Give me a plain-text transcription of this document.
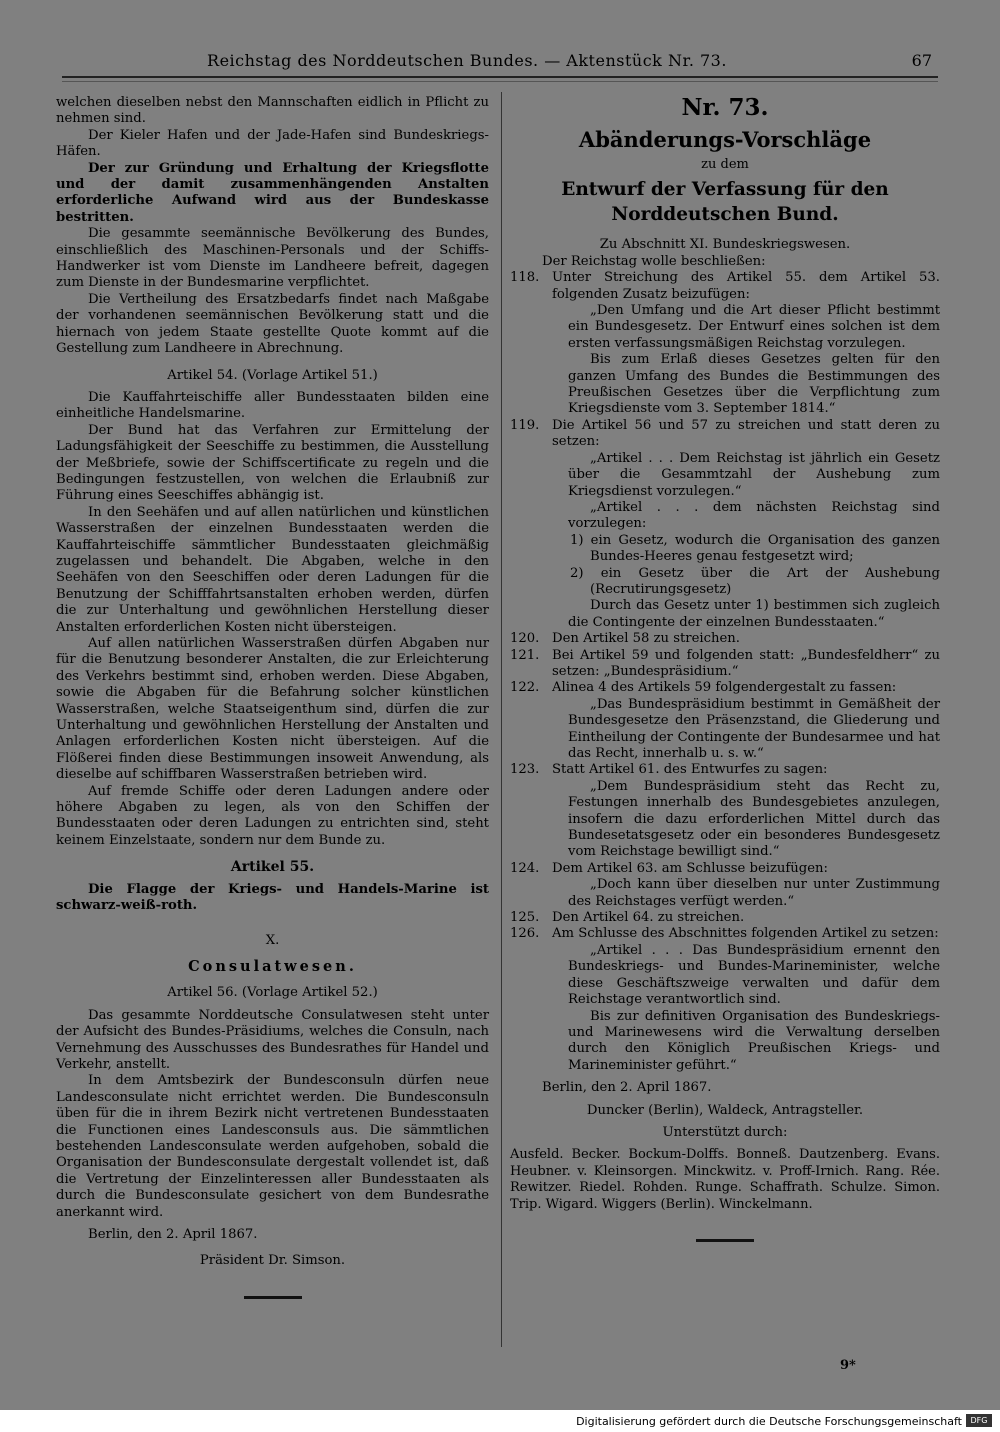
Reichstag des Norddeutschen Bundes. — Aktenstück Nr. 73.	67

welchen dieselben nebst den Mannschaften eidlich in Pflicht zu nehmen sind.

Der Kieler Hafen und der Jade-Hafen sind Bundeskriegs-Häfen.

Der zur Gründung und Erhaltung der Kriegsflotte und der damit zusammenhängenden Anstalten erforderliche Aufwand wird aus der Bundeskasse bestritten.

Die gesammte seemännische Bevölkerung des Bundes, einschließlich des Maschinen-Personals und der Schiffs-Handwerker ist vom Dienste im Landheere befreit, dagegen zum Dienste in der Bundesmarine verpflichtet.

Die Vertheilung des Ersatzbedarfs findet nach Maßgabe der vorhandenen seemännischen Bevölkerung statt und die hiernach von jedem Staate gestellte Quote kommt auf die Gestellung zum Landheere in Abrechnung.

Artikel 54. (Vorlage Artikel 51.)

Die Kauffahrteischiffe aller Bundesstaaten bilden eine einheitliche Handelsmarine.

Der Bund hat das Verfahren zur Ermittelung der Ladungsfähigkeit der Seeschiffe zu bestimmen, die Ausstellung der Meßbriefe, sowie der Schiffscertificate zu regeln und die Bedingungen festzustellen, von welchen die Erlaubniß zur Führung eines Seeschiffes abhängig ist.

In den Seehäfen und auf allen natürlichen und künstlichen Wasserstraßen der einzelnen Bundesstaaten werden die Kauffahrteischiffe sämmtlicher Bundesstaaten gleichmäßig zugelassen und behandelt. Die Abgaben, welche in den Seehäfen von den Seeschiffen oder deren Ladungen für die Benutzung der Schifffahrtsanstalten erhoben werden, dürfen die zur Unterhaltung und gewöhnlichen Herstellung dieser Anstalten erforderlichen Kosten nicht übersteigen.

Auf allen natürlichen Wasserstraßen dürfen Abgaben nur für die Benutzung besonderer Anstalten, die zur Erleichterung des Verkehrs bestimmt sind, erhoben werden. Diese Abgaben, sowie die Abgaben für die Befahrung solcher künstlichen Wasserstraßen, welche Staatseigenthum sind, dürfen die zur Unterhaltung und gewöhnlichen Herstellung der Anstalten und Anlagen erforderlichen Kosten nicht übersteigen. Auf die Flößerei finden diese Bestimmungen insoweit Anwendung, als dieselbe auf schiffbaren Wasserstraßen betrieben wird.

Auf fremde Schiffe oder deren Ladungen andere oder höhere Abgaben zu legen, als von den Schiffen der Bundesstaaten oder deren Ladungen zu entrichten sind, steht keinem Einzelstaate, sondern nur dem Bunde zu.

Artikel 55.

Die Flagge der Kriegs- und Handels-Marine ist schwarz-weiß-roth.

X.
Consulatwesen.
Artikel 56. (Vorlage Artikel 52.)

Das gesammte Norddeutsche Consulatwesen steht unter der Aufsicht des Bundes-Präsidiums, welches die Consuln, nach Vernehmung des Ausschusses des Bundesrathes für Handel und Verkehr, anstellt.

In dem Amtsbezirk der Bundesconsuln dürfen neue Landesconsulate nicht errichtet werden. Die Bundesconsuln üben für die in ihrem Bezirk nicht vertretenen Bundesstaaten die Functionen eines Landesconsuls aus. Die sämmtlichen bestehenden Landesconsulate werden aufgehoben, sobald die Organisation der Bundesconsulate dergestalt vollendet ist, daß die Vertretung der Einzelinteressen aller Bundesstaaten als durch die Bundesconsulate gesichert von dem Bundesrathe anerkannt wird.

Berlin, den 2. April 1867.

Präsident Dr. Simson.
Nr. 73.
Abänderungs-Vorschläge
zu dem
Entwurf der Verfassung für den Norddeutschen Bund.
Zu Abschnitt XI. Bundeskriegswesen.

Der Reichstag wolle beschließen:

118. Unter Streichung des Artikel 55. dem Artikel 53. folgenden Zusatz beizufügen:
„Den Umfang und die Art dieser Pflicht bestimmt ein Bundesgesetz. Der Entwurf eines solchen ist dem ersten verfassungsmäßigen Reichstag vorzulegen.
Bis zum Erlaß dieses Gesetzes gelten für den ganzen Umfang des Bundes die Bestimmungen des Preußischen Gesetzes über die Verpflichtung zum Kriegsdienste vom 3. September 1814.“
119. Die Artikel 56 und 57 zu streichen und statt deren zu setzen:
„Artikel . . . Dem Reichstag ist jährlich ein Gesetz über die Gesammtzahl der Aushebung zum Kriegsdienst vorzulegen.“
„Artikel . . . dem nächsten Reichstag sind vorzulegen:
1) ein Gesetz, wodurch die Organisation des ganzen Bundes-Heeres genau festgesetzt wird;
2) ein Gesetz über die Art der Aushebung (Recrutirungsgesetz)
Durch das Gesetz unter 1) bestimmen sich zugleich die Contingente der einzelnen Bundesstaaten.“
120. Den Artikel 58 zu streichen.
121. Bei Artikel 59 und folgenden statt: „Bundesfeldherr“ zu setzen: „Bundespräsidium.“
122. Alinea 4 des Artikels 59 folgendergestalt zu fassen:
„Das Bundespräsidium bestimmt in Gemäßheit der Bundesgesetze den Präsenzstand, die Gliederung und Eintheilung der Contingente der Bundesarmee und hat das Recht, innerhalb u. s. w.“
123. Statt Artikel 61. des Entwurfes zu sagen:
„Dem Bundespräsidium steht das Recht zu, Festungen innerhalb des Bundesgebietes anzulegen, insofern die dazu erforderlichen Mittel durch das Bundesetatsgesetz oder ein besonderes Bundesgesetz vom Reichstage bewilligt sind.“
124. Dem Artikel 63. am Schlusse beizufügen:
„Doch kann über dieselben nur unter Zustimmung des Reichstages verfügt werden.“
125. Den Artikel 64. zu streichen.
126. Am Schlusse des Abschnittes folgenden Artikel zu setzen:
„Artikel . . . Das Bundespräsidium ernennt den Bundeskriegs- und Bundes-Marineminister, welche diese Geschäftszweige verwalten und dafür dem Reichstage verantwortlich sind.
Bis zur definitiven Organisation des Bundeskriegs- und Marinewesens wird die Verwaltung derselben durch den Königlich Preußischen Kriegs- und Marineminister geführt.“

Berlin, den 2. April 1867.

Duncker (Berlin), Waldeck, Antragsteller.
Unterstützt durch:
Ausfeld. Becker. Bockum-Dolffs. Bonneß. Dautzenberg. Evans. Heubner. v. Kleinsorgen. Minckwitz. v. Proff-Irnich. Rang. Rée. Rewitzer. Riedel. Rohden. Runge. Schaffrath. Schulze. Simon. Trip. Wigard. Wiggers (Berlin). Winckelmann.
9*
Digitalisierung gefördert durch die Deutsche Forschungsgemeinschaft	DFG
